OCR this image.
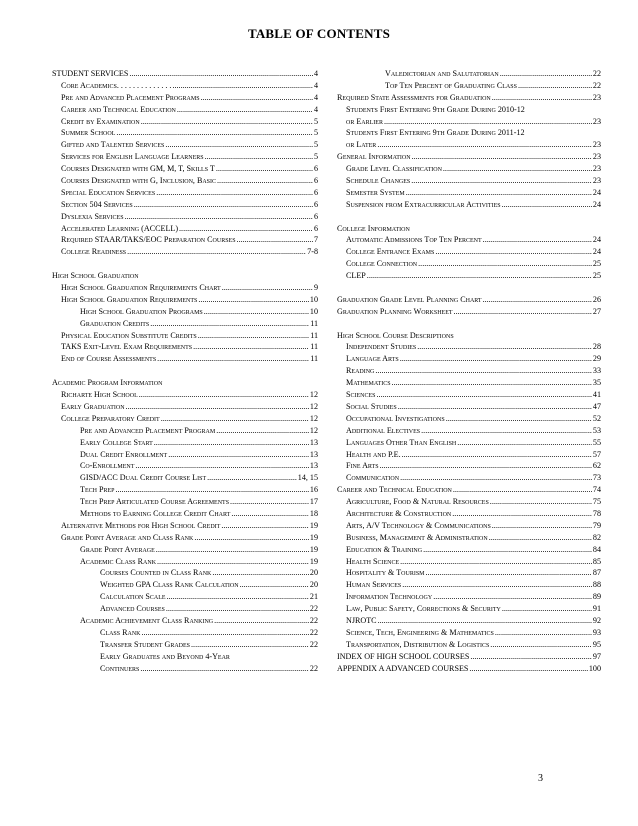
TABLE OF CONTENTS
STUDENT SERVICES .....	4
Core Academics. . . . . . . . . . . . . . .....	4
Pre and Advanced Placement Programs .....	4
Career and Technical Education .....	4
Credit by Examination .....	5
Summer School .....	5
Gifted and Talented Services .....	5
Services for English Language Learners .....	5
Courses Designated with GM, M, T, Skills T .....	6
Courses Designated with G, Inclusion, Basic .....	6
Special Education Services .....	6
Section 504 Services .....	6
Dyslexia Services .....	6
Accelerated Learning (ACCELL) .....	6
Required STAAR/TAKS/EOC Preparation Courses .....	7
College Readiness .....	7-8
High School Graduation
High School Graduation Requirements Chart .....	9
High School Graduation Requirements .....	10
High School Graduation Programs .....	10
Graduation Credits .....	11
Physical Education Substitute Credits .....	11
TAKS Exit-Level Exam Requirements .....	11
End of Course Assessments .....	11
Academic Program Information
Richarte High School .....	12
Early Graduation .....	12
College Preparatory Credit .....	12
Pre and Advanced Placement Program .....	12
Early College Start .....	13
Dual Credit Enrollment .....	13
Co-Enrollment .....	13
GISD/ACC Dual Credit Course List .....	14, 15
Tech Prep .....	16
Tech Prep Articulated Course Agreements .....	17
Methods to Earning College Credit Chart .....	18
Alternative Methods for High School Credit .....	19
Grade Point Average and Class Rank .....	19
Grade Point Average .....	19
Academic Class Rank .....	19
Courses Counted in Class Rank .....	20
Weighted GPA Class Rank Calculation .....	20
Calculation Scale .....	21
Advanced Courses .....	22
Academic Achievement Class Ranking .....	22
Class Rank .....	22
Transfer Student Grades .....	22
Early Graduates and Beyond 4-Year
Continuers .....	22
Valedictorian and Salutatorian .....	22
Top Ten Percent of Graduating Class .....	22
Required State Assessments for Graduation .....	23
Students First Entering 9th Grade During 2010-12
or Earlier .....	23
Students First Entering 9th Grade During 2011-12
or Later .....	23
General Information .....	23
Grade Level Classification .....	23
Schedule Changes .....	23
Semester System .....	24
Suspension from Extracurricular Activities .....	24
College Information
Automatic Admissions Top Ten Percent .....	24
College Entrance Exams .....	24
College Connection .....	25
CLEP .....	25
Graduation Grade Level Planning Chart .....	26
Graduation Planning Worksheet .....	27
High School Course Descriptions
Independent Studies .....	28
Language Arts .....	29
Reading .....	33
Mathematics .....	35
Sciences .....	41
Social Studies .....	47
Occupational Investigations .....	52
Additional Electives .....	53
Languages Other Than English .....	55
Health and P.E. .....	57
Fine Arts .....	62
Communication .....	73
Career and Technical Education .....	74
Agriculture, Food & Natural Resources .....	75
Architecture & Construction .....	78
Arts, A/V Technology & Communications .....	79
Business, Management & Administration .....	82
Education & Training .....	84
Health Science .....	85
Hospitality & Tourism .....	87
Human Services .....	88
Information Technology .....	89
Law, Public Safety, Corrections & Security .....	91
NJROTC .....	92
Science, Tech, Engineering & Mathematics .....	93
Transportation, Distribution & Logistics .....	95
INDEX OF HIGH SCHOOL COURSES .....	97
APPENDIX A ADVANCED COURSES .....	100
3
